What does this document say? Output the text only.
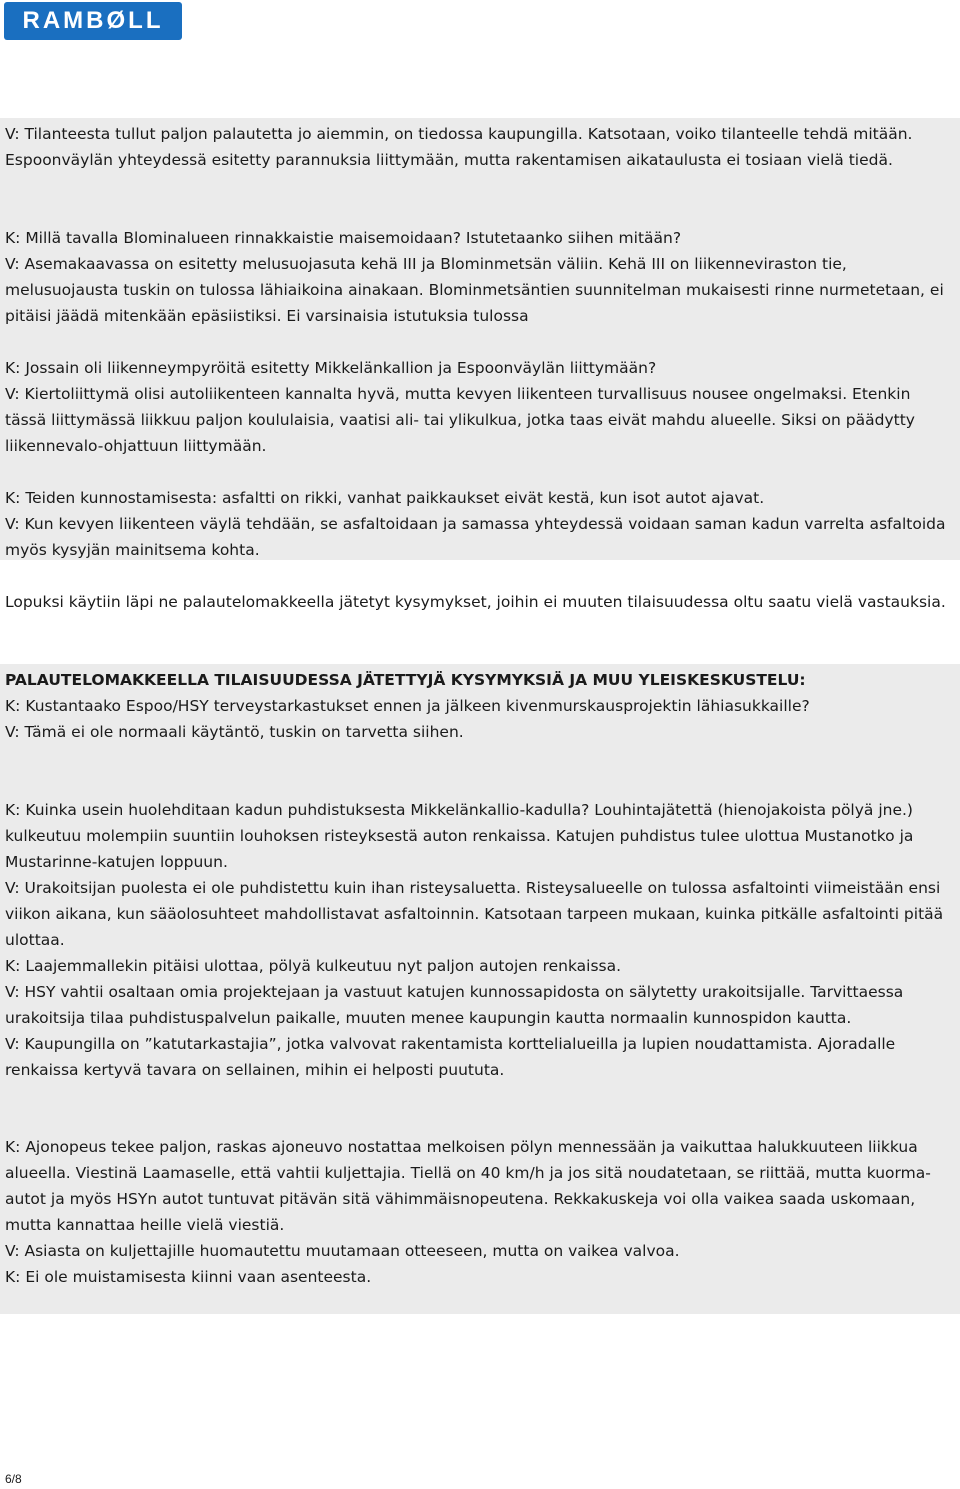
RAMBØLL

V: Tilanteesta tullut paljon palautetta jo aiemmin, on tiedossa kaupungilla. Katsotaan, voiko tilanteelle tehdä mitään. Espoonväylän yhteydessä esitetty parannuksia liittymään, mutta rakentamisen aikataulusta ei tosiaan vielä tiedä.

K: Millä tavalla Blominalueen rinnakkaistie maisemoidaan? Istutetaanko siihen mitään?

V: Asemakaavassa on esitetty melusuojasuta kehä III ja Blominmetsän väliin. Kehä III on liikenneviraston tie, melusuojausta tuskin on tulossa lähiaikoina ainakaan. Blominmetsäntien suunnitelman mukaisesti rinne nurmetetaan, ei pitäisi jäädä mitenkään epäsiistiksi. Ei varsinaisia istutuksia tulossa

K: Jossain oli liikenneympyröitä esitetty Mikkelänkallion ja Espoonväylän liittymään?

V: Kiertoliittymä olisi autoliikenteen kannalta hyvä, mutta kevyen liikenteen turvallisuus nousee ongelmaksi. Etenkin tässä liittymässä liikkuu paljon koululaisia, vaatisi ali- tai ylikulkua, jotka taas eivät mahdu alueelle. Siksi on päädytty liikennevalo-ohjattuun liittymään.

K: Teiden kunnostamisesta: asfaltti on rikki, vanhat paikkaukset eivät kestä, kun isot autot ajavat.

V: Kun kevyen liikenteen väylä tehdään, se asfaltoidaan ja samassa yhteydessä voidaan saman kadun varrelta asfaltoida myös kysyjän mainitsema kohta.

Lopuksi käytiin läpi ne palautelomakkeella jätetyt kysymykset, joihin ei muuten tilaisuudessa oltu saatu vielä vastauksia.

PALAUTELOMAKKEELLA TILAISUUDESSA JÄTETTYJÄ KYSYMYKSIÄ JA MUU YLEISKESKUSTELU:

K: Kustantaako Espoo/HSY terveystarkastukset ennen ja jälkeen kivenmurskausprojektin lähiasukkaille?

V: Tämä ei ole normaali käytäntö, tuskin on tarvetta siihen.

K: Kuinka usein huolehditaan kadun puhdistuksesta Mikkelänkallio-kadulla? Louhintajätettä (hienojakoista pölyä jne.) kulkeutuu molempiin suuntiin louhoksen risteyksestä auton renkaissa. Katujen puhdistus tulee ulottua Mustanotko ja Mustarinne-katujen loppuun.

V: Urakoitsijan puolesta ei ole puhdistettu kuin ihan risteysaluetta. Risteysalueelle on tulossa asfaltointi viimeistään ensi viikon aikana, kun sääolosuhteet mahdollistavat asfaltoinnin. Katsotaan tarpeen mukaan, kuinka pitkälle asfaltointi pitää ulottaa.

K: Laajemmallekin pitäisi ulottaa, pölyä kulkeutuu nyt paljon autojen renkaissa.

V: HSY vahtii osaltaan omia projektejaan ja vastuut katujen kunnossapidosta on sälytetty urakoitsijalle. Tarvittaessa urakoitsija tilaa puhdistuspalvelun paikalle, muuten menee kaupungin kautta normaalin kunnospidon kautta.

V: Kaupungilla on ”katutarkastajia”, jotka valvovat rakentamista korttelialueilla ja lupien noudattamista. Ajoradalle renkaissa kertyvä tavara on sellainen, mihin ei helposti puututa.

K: Ajonopeus tekee paljon, raskas ajoneuvo nostattaa melkoisen pölyn mennessään ja vaikuttaa halukkuuteen liikkua alueella. Viestinä Laamaselle, että vahtii kuljettajia. Tiellä on 40 km/h ja jos sitä noudatetaan, se riittää, mutta kuorma-autot ja myös HSYn autot tuntuvat pitävän sitä vähimmäisnopeutena. Rekkakuskeja voi olla vaikea saada uskomaan, mutta kannattaa heille vielä viestiä.

V: Asiasta on kuljettajille huomautettu muutamaan otteeseen, mutta on vaikea valvoa.

K: Ei ole muistamisesta kiinni vaan asenteesta.

6/8
